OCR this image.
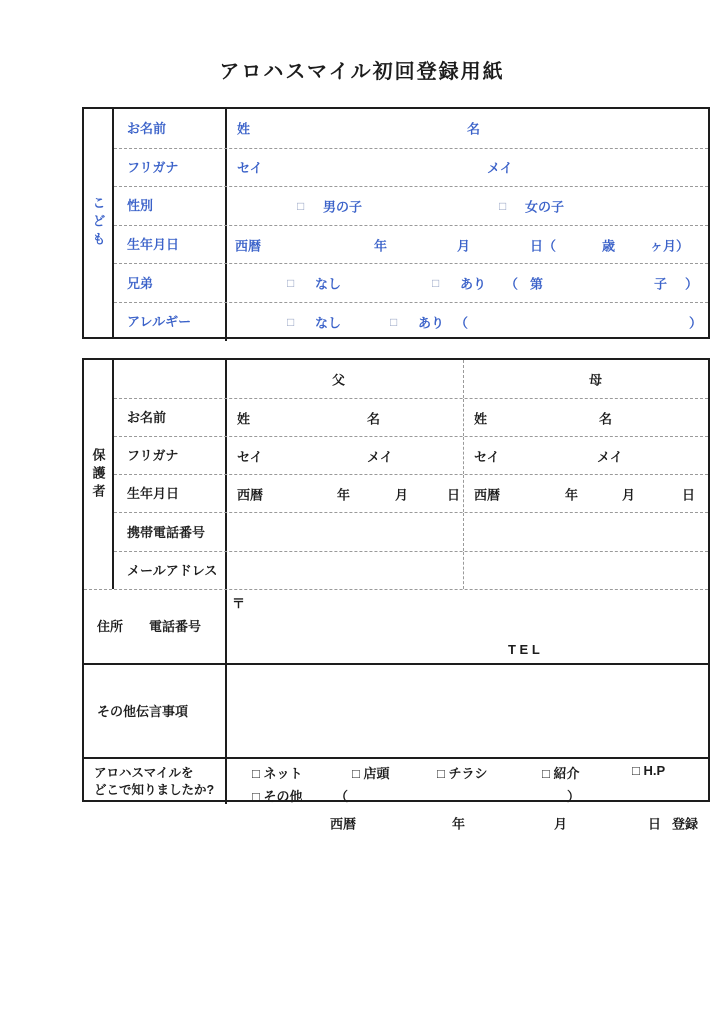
アロハスマイル初回登録用紙
こども
お名前	姓	名
フリガナ	セイ	メイ
性別	□ 男の子	□ 女の子
生年月日	西暦	年	月	日（	歳	ヶ月）
兄弟	□ なし	□ あり （ 第	子 ）
アレルギー	□ なし	□ あり （	）
保護者
父	母
お名前	姓	名	姓	名
フリガナ	セイ	メイ	セイ	メイ
生年月日	西暦	年	月	日 西暦	年	月	日
携帯電話番号
メールアドレス
住所　　電話番号
〒
T E L
その他伝言事項
アロハスマイルを
どこで知りましたか?
□ ネット	□ 店頭	□ チラシ	□ 紹介	□ H.P
□ その他	（	）
西暦	年	月	日 登録
